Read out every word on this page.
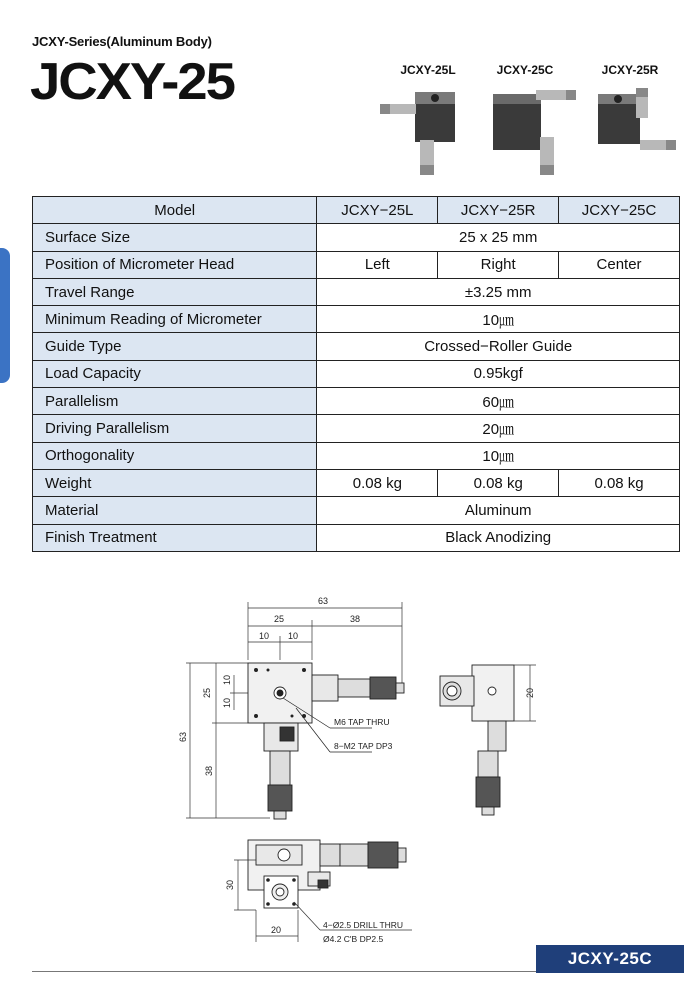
JCXY-Series(Aluminum Body)
JCXY-25	JCXY-25L	JCXY-25C	JCXY-25R
Model	JCXY−25L	JCXY−25R	JCXY−25C
Surface Size	25 x 25 mm		
Position of Micrometer Head	Left	Right	Center
Travel Range	±3.25 mm		
Minimum Reading of Micrometer	10㎛		
Guide Type	Crossed−Roller Guide		
Load Capacity	0.95kgf		
Parallelism	60㎛		
Driving Parallelism	20㎛		
Orthogonality	10㎛		
Weight	0.08 kg	0.08 kg	0.08 kg
Material	Aluminum		
Finish Treatment	Black Anodizing		
63
25	38
10 10
25
10
10
63
38
20
30
20
M6 TAP THRU
8−M2 TAP DP3
4−Ø2.5 DRILL THRU
Ø4.2 C'B DP2.5
JCXY-25C
